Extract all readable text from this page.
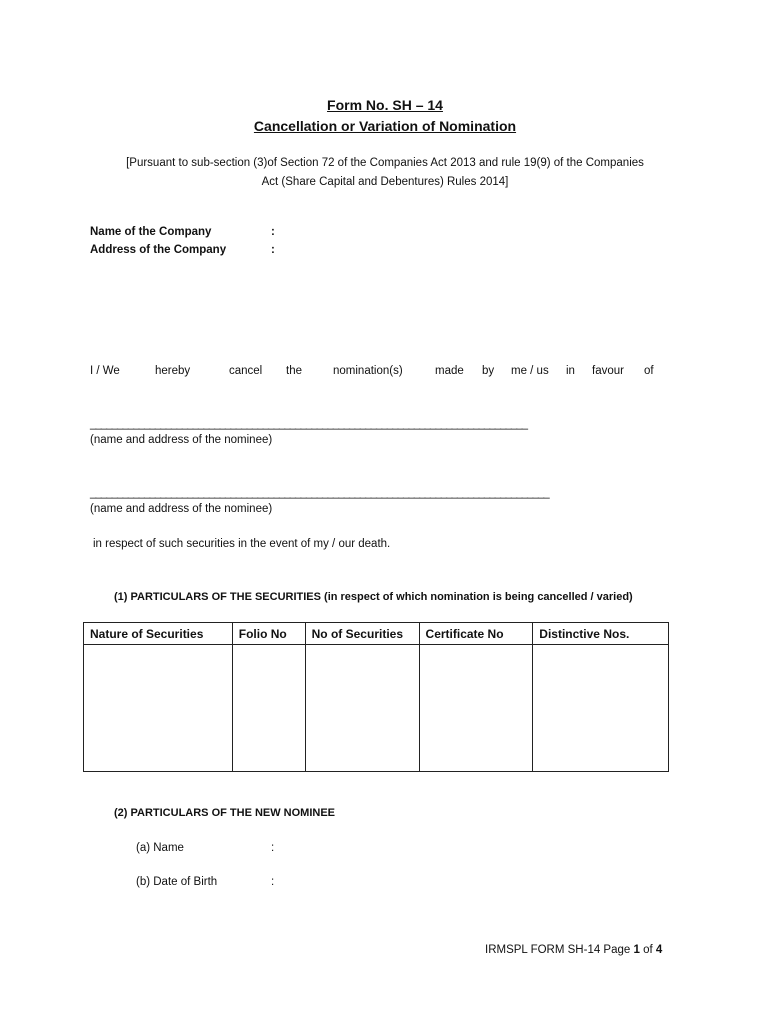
Form No. SH – 14
Cancellation or Variation of Nomination
[Pursuant to sub-section (3)of Section 72 of the Companies Act 2013 and rule 19(9) of the Companies
Act (Share Capital and Debentures) Rules 2014]
Name of the Company	:
Address of the Company	:
I / We	hereby	cancel the	nomination(s)	made by me / us in favour of
_________________________________________________________________________________
(name and address of the nominee)
_____________________________________________________________________________________
(name and address of the nominee)
in respect of such securities in the event of my / our death.
(1) PARTICULARS OF THE SECURITIES (in respect of which nomination is being cancelled / varied)
Nature of Securities	Folio No	No of Securities	Certificate No	Distinctive Nos.

(2) PARTICULARS OF THE NEW NOMINEE
(a) Name	:
(b) Date of Birth	:
IRMSPL FORM SH-14 Page 1 of 4
